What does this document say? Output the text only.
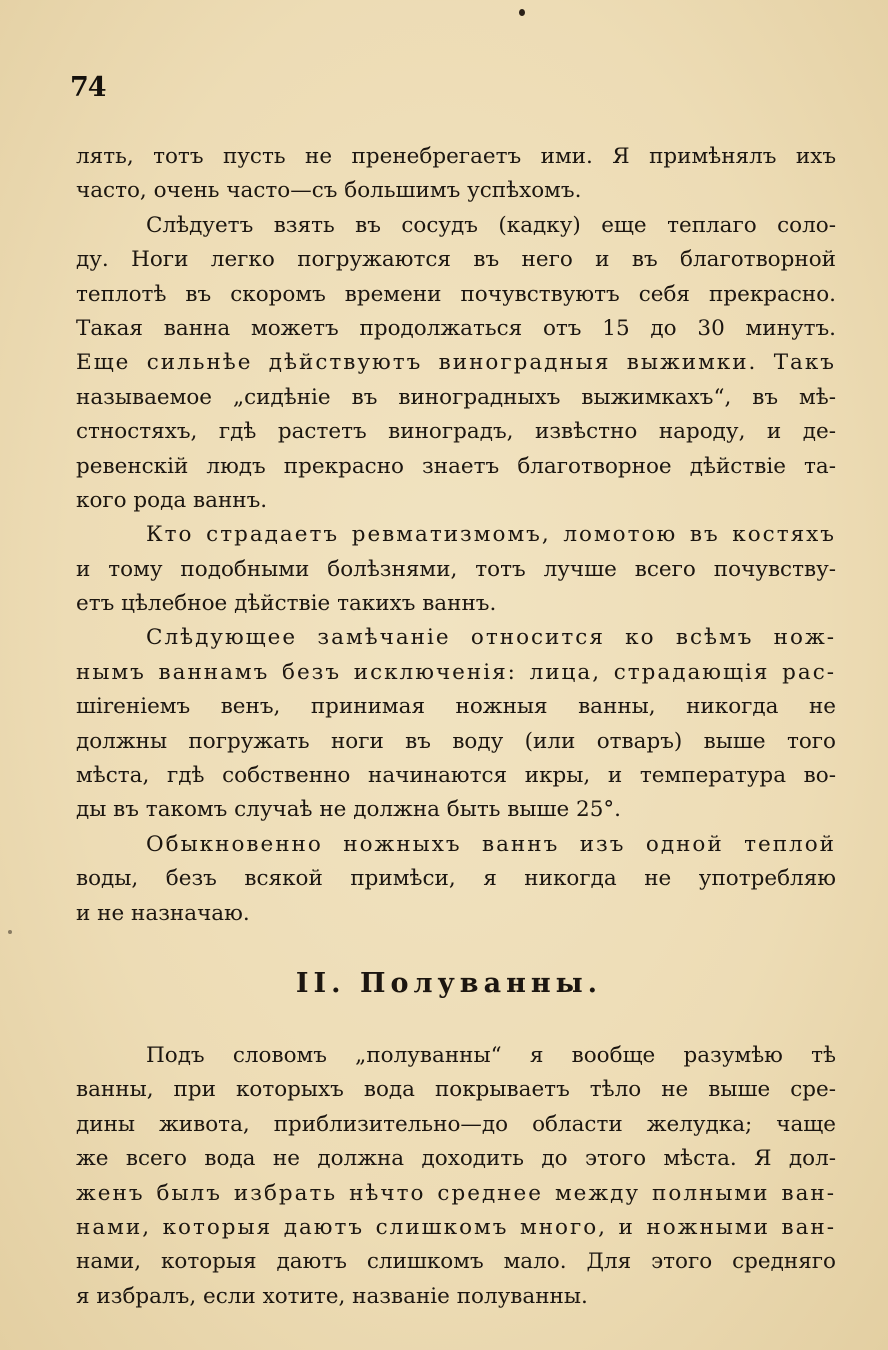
74
лять, тотъ пусть не пренебрегаетъ ими. Я примѣнялъ ихъ
часто, очень часто—съ большимъ успѣхомъ.
Слѣдуетъ взять въ сосудъ (кадку) еще теплаго соло-
ду. Ноги легко погружаются въ него и въ благотворной
теплотѣ въ скоромъ времени почувствуютъ себя прекрасно.
Такая ванна можетъ продолжаться отъ 15 до 30 минутъ.
Еще сильнѣе дѣйствуютъ виноградныя выжимки. Такъ
называемое „сидѣніе въ виноградныхъ выжимкахъ“, въ мѣ-
стностяхъ, гдѣ растетъ виноградъ, извѣстно народу, и де-
ревенскій людъ прекрасно знаетъ благотворное дѣйствіе та-
кого рода ваннъ.
Кто страдаетъ ревматизмомъ, ломотою въ костяхъ
и тому подобными болѣзнями, тотъ лучше всего почувству-
етъ цѣлебное дѣйствіе такихъ ваннъ.
Слѣдующее замѣчаніе относится ко всѣмъ нож-
нымъ ваннамъ безъ исключенія: лица, страдающія рас-
шireніемъ венъ, принимая ножныя ванны, никогда не
должны погружать ноги въ воду (или отваръ) выше того
мѣста, гдѣ собственно начинаются икры, и температура во-
ды въ такомъ случаѣ не должна быть выше 25°.
Обыкновенно ножныхъ ваннъ изъ одной теплой
воды, безъ всякой примѣси, я никогда не употребляю
и не назначаю.
II. Полуванны.
Подъ словомъ „полуванны“ я вообще разумѣю тѣ
ванны, при которыхъ вода покрываетъ тѣло не выше сре-
дины живота, приблизительно—до области желудка; чаще
же всего вода не должна доходить до этого мѣста. Я дол-
женъ былъ избрать нѣчто среднее между полными ван-
нами, которыя даютъ слишкомъ много, и ножными ван-
нами, которыя даютъ слишкомъ мало. Для этого средняго
я избралъ, если хотите, названіе полуванны.
